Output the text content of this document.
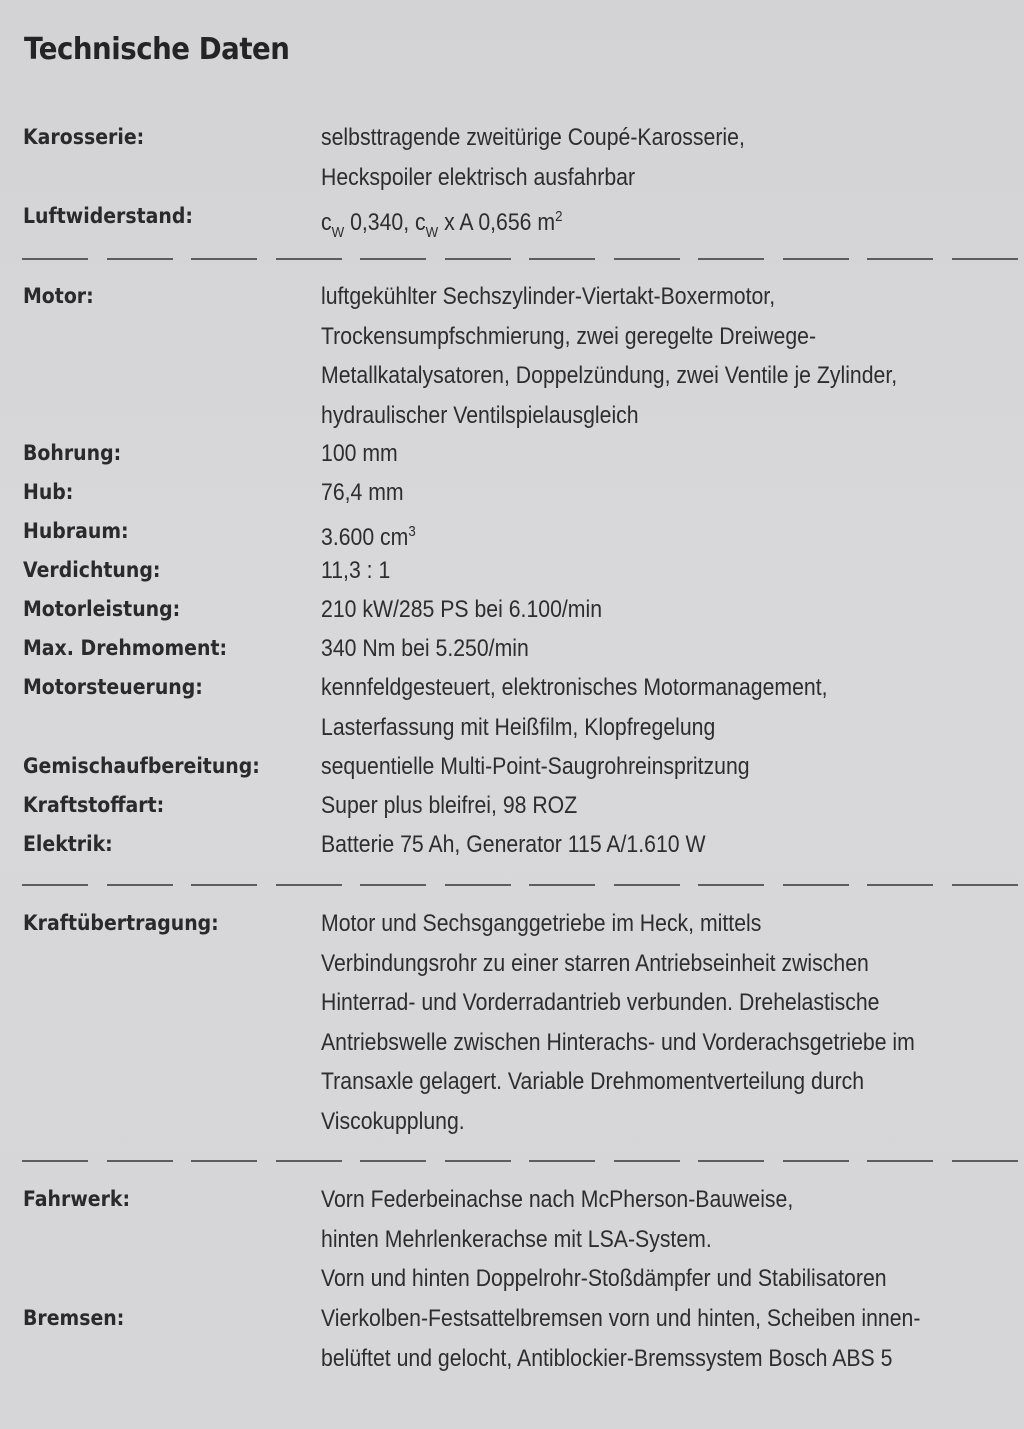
Technische Daten
Karosserie:	selbsttragende zweitürige Coupé-Karosserie,
Heckspoiler elektrisch ausfahrbar
Luftwiderstand:	$c_W$ 0,340, $c_W$ x A 0,656 $m^2$
Motor:	luftgekühlter Sechszylinder-Viertakt-Boxermotor,
Trockensumpfschmierung, zwei geregelte Dreiwege-
Metallkatalysatoren, Doppelzündung, zwei Ventile je Zylinder,
hydraulischer Ventilspielausgleich
Bohrung:	100 mm
Hub:	76,4 mm
Hubraum:	3.600 $cm^3$
Verdichtung:	11,3 : 1
Motorleistung:	210 kW/285 PS bei 6.100/min
Max. Drehmoment:	340 Nm bei 5.250/min
Motorsteuerung:	kennfeldgesteuert, elektronisches Motormanagement,
Lasterfassung mit Heißfilm, Klopfregelung
Gemischaufbereitung:	sequentielle Multi-Point-Saugrohreinspritzung
Kraftstoffart:	Super plus bleifrei, 98 ROZ
Elektrik:	Batterie 75 Ah, Generator 115 A/1.610 W
Kraftübertragung:	Motor und Sechsganggetriebe im Heck, mittels
Verbindungsrohr zu einer starren Antriebseinheit zwischen
Hinterrad- und Vorderradantrieb verbunden. Drehelastische
Antriebswelle zwischen Hinterachs- und Vorderachsgetriebe im
Transaxle gelagert. Variable Drehmomentverteilung durch
Viscokupplung.
Fahrwerk:	Vorn Federbeinachse nach McPherson-Bauweise,
hinten Mehrlenkerachse mit LSA-System.
Vorn und hinten Doppelrohr-Stoßdämpfer und Stabilisatoren
Bremsen:	Vierkolben-Festsattelbremsen vorn und hinten, Scheiben innen-
belüftet und gelocht, Antiblockier-Bremssystem Bosch ABS 5
